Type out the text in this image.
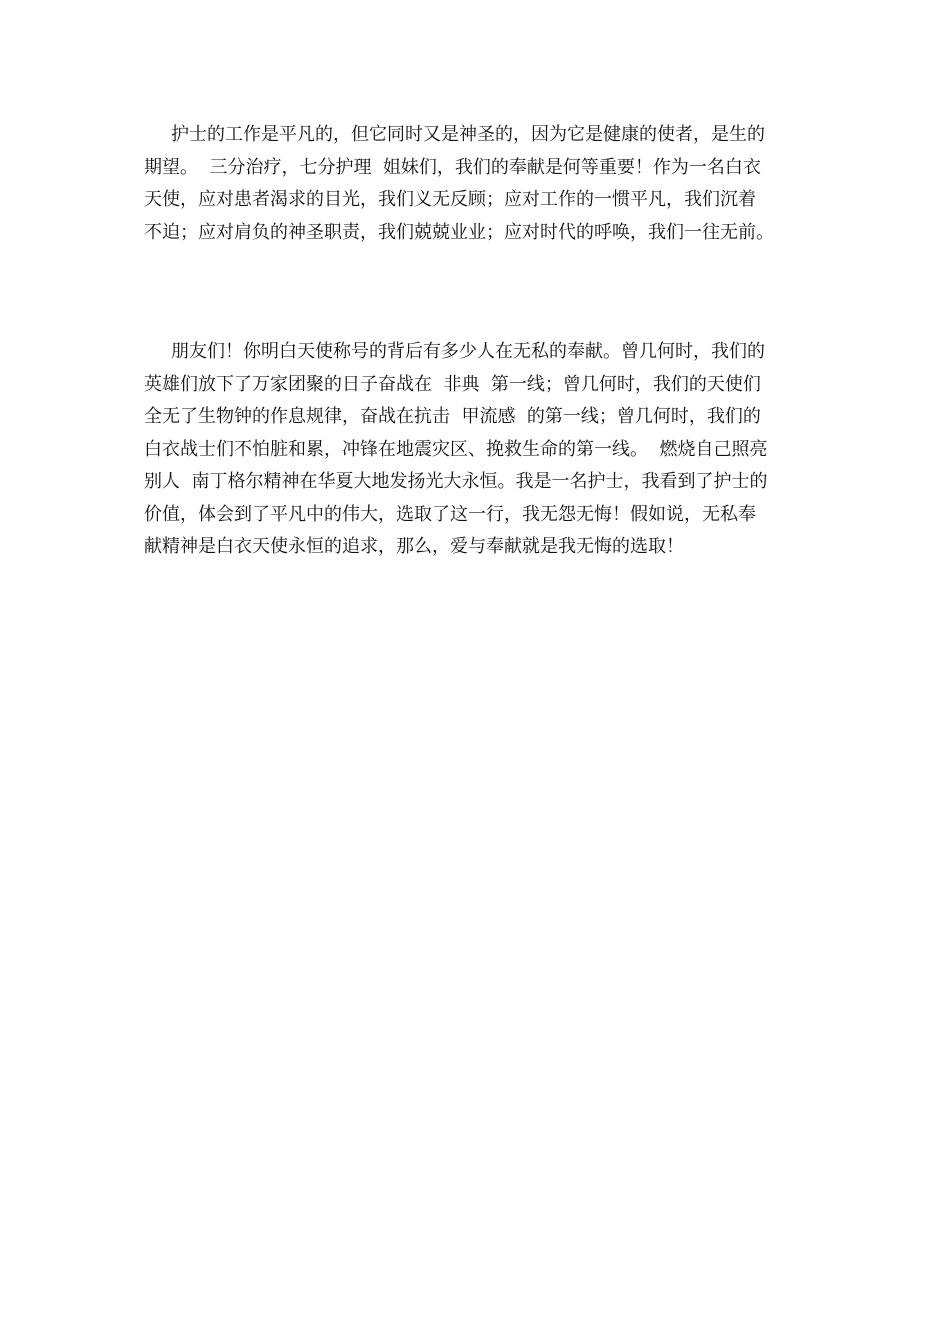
护士的工作是平凡的，但它同时又是神圣的，因为它是健康的使者，是生的
期望。  三分治疗，七分护理  姐妹们，我们的奉献是何等重要！作为一名白衣
天使，应对患者渴求的目光，我们义无反顾；应对工作的一惯平凡，我们沉着
不迫；应对肩负的神圣职责，我们兢兢业业；应对时代的呼唤，我们一往无前。

朋友们！你明白天使称号的背后有多少人在无私的奉献。曾几何时，我们的
英雄们放下了万家团聚的日子奋战在  非典  第一线；曾几何时，我们的天使们
全无了生物钟的作息规律，奋战在抗击  甲流感  的第一线；曾几何时，我们的
白衣战士们不怕脏和累，冲锋在地震灾区、挽救生命的第一线。  燃烧自己照亮
别人  南丁格尔精神在华夏大地发扬光大永恒。我是一名护士，我看到了护士的
价值，体会到了平凡中的伟大，选取了这一行，我无怨无悔！假如说，无私奉
献精神是白衣天使永恒的追求，那么，爱与奉献就是我无悔的选取！
